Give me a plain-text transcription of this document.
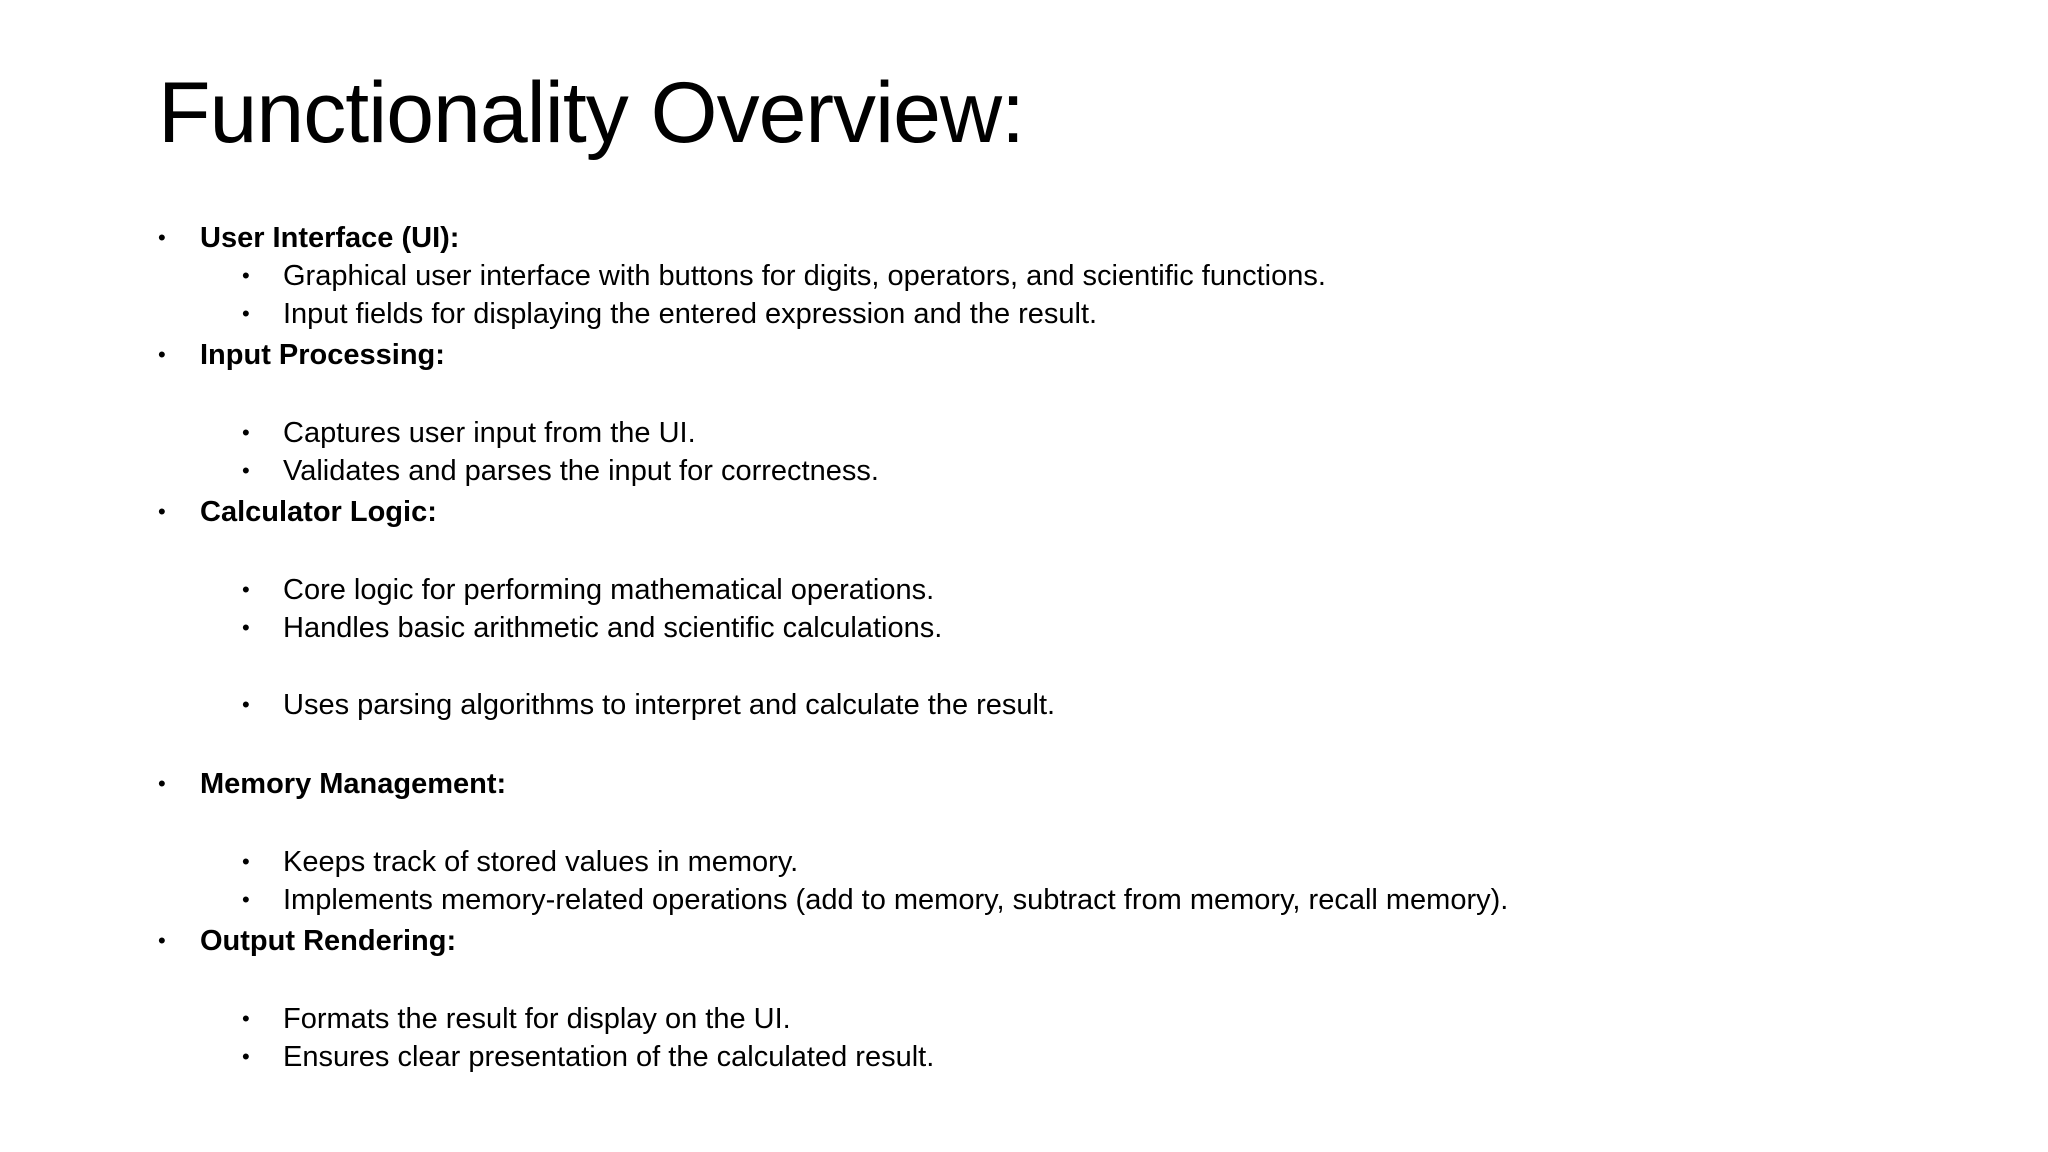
Functionality Overview:
• User Interface (UI):
• Graphical user interface with buttons for digits, operators, and scientific functions.
• Input fields for displaying the entered expression and the result.
• Input Processing:
• Captures user input from the UI.
• Validates and parses the input for correctness.
• Calculator Logic:
• Core logic for performing mathematical operations.
• Handles basic arithmetic and scientific calculations.
• Uses parsing algorithms to interpret and calculate the result.
• Memory Management:
• Keeps track of stored values in memory.
• Implements memory-related operations (add to memory, subtract from memory, recall memory).
• Output Rendering:
• Formats the result for display on the UI.
• Ensures clear presentation of the calculated result.
